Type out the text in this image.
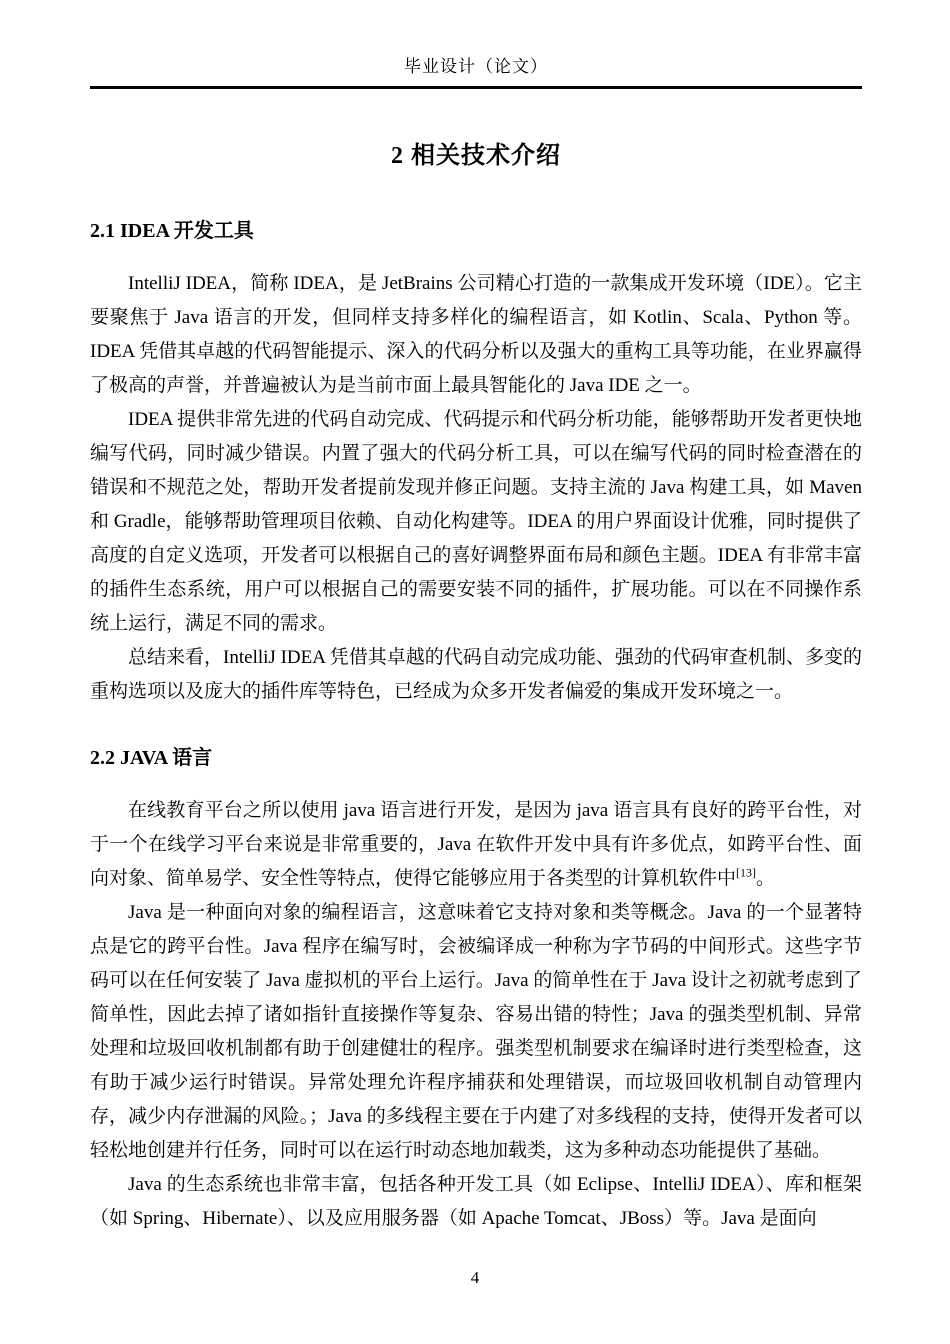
毕业设计（论文）
2 相关技术介绍
2.1 IDEA 开发工具

IntelliJ IDEA，简称 IDEA，是 JetBrains 公司精心打造的一款集成开发环境（IDE）。它主要聚焦于 Java 语言的开发，但同样支持多样化的编程语言，如 Kotlin、Scala、Python 等。IDEA 凭借其卓越的代码智能提示、深入的代码分析以及强大的重构工具等功能，在业界赢得了极高的声誉，并普遍被认为是当前市面上最具智能化的 Java IDE 之一。

IDEA 提供非常先进的代码自动完成、代码提示和代码分析功能，能够帮助开发者更快地编写代码，同时减少错误。内置了强大的代码分析工具，可以在编写代码的同时检查潜在的错误和不规范之处，帮助开发者提前发现并修正问题。支持主流的 Java 构建工具，如 Maven 和 Gradle，能够帮助管理项目依赖、自动化构建等。IDEA 的用户界面设计优雅，同时提供了高度的自定义选项，开发者可以根据自己的喜好调整界面布局和颜色主题。IDEA 有非常丰富的插件生态系统，用户可以根据自己的需要安装不同的插件，扩展功能。可以在不同操作系统上运行，满足不同的需求。

总结来看，IntelliJ IDEA 凭借其卓越的代码自动完成功能、强劲的代码审查机制、多变的重构选项以及庞大的插件库等特色，已经成为众多开发者偏爱的集成开发环境之一。

2.2 JAVA 语言

在线教育平台之所以使用 java 语言进行开发，是因为 java 语言具有良好的跨平台性，对于一个在线学习平台来说是非常重要的，Java 在软件开发中具有许多优点，如跨平台性、面向对象、简单易学、安全性等特点，使得它能够应用于各类型的计算机软件中[13]。

Java 是一种面向对象的编程语言，这意味着它支持对象和类等概念。Java 的一个显著特点是它的跨平台性。Java 程序在编写时，会被编译成一种称为字节码的中间形式。这些字节码可以在任何安装了 Java 虚拟机的平台上运行。Java 的简单性在于 Java 设计之初就考虑到了简单性，因此去掉了诸如指针直接操作等复杂、容易出错的特性；Java 的强类型机制、异常处理和垃圾回收机制都有助于创建健壮的程序。强类型机制要求在编译时进行类型检查，这有助于减少运行时错误。异常处理允许程序捕获和处理错误，而垃圾回收机制自动管理内存，减少内存泄漏的风险。；Java 的多线程主要在于内建了对多线程的支持，使得开发者可以轻松地创建并行任务，同时可以在运行时动态地加载类，这为多种动态功能提供了基础。

Java 的生态系统也非常丰富，包括各种开发工具（如 Eclipse、IntelliJ IDEA）、库和框架（如 Spring、Hibernate）、以及应用服务器（如 Apache Tomcat、JBoss）等。Java 是面向

4
